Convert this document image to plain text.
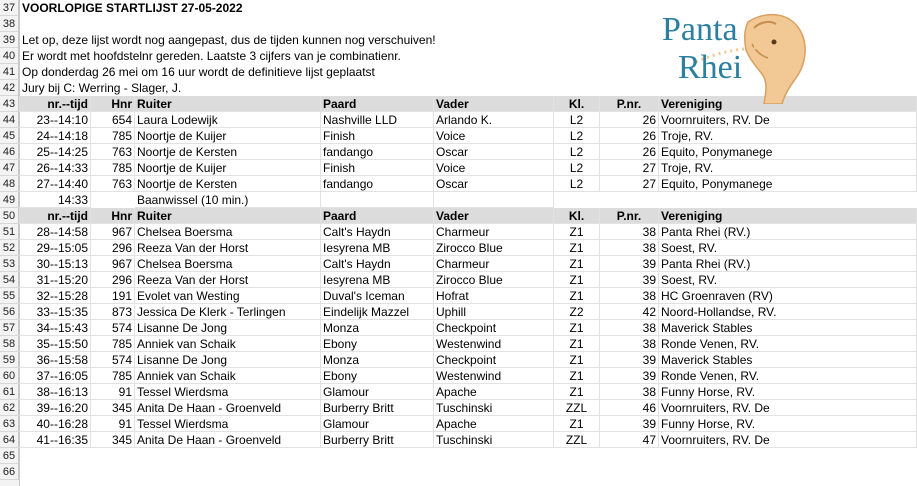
37 VOORLOPIGE STARTLIJST 27-05-2022
38
39 Let op, deze lijst wordt nog aangepast, dus de tijden kunnen nog verschuiven!
40 Er wordt met hoofdstelnr gereden. Laatste 3 cijfers van je combinatienr.
41 Op donderdag 26 mei om 16 uur wordt de definitieve lijst geplaatst
42 Jury bij C: Werring - Slager, J.
43	nr.--tijd	Hnr Ruiter	Paard	Vader	Kl.	P.nr.	Vereniging
44	23--14:10	654 Laura Lodewijk	Nashville LLD	Arlando K.	L2	26 Voornruiters, RV. De
45	24--14:18	785 Noortje de Kuijer	Finish	Voice	L2	26 Troje, RV.
46	25--14:25	763 Noortje de Kersten	fandango	Oscar	L2	26 Equito, Ponymanege
47	26--14:33	785 Noortje de Kuijer	Finish	Voice	L2	27 Troje, RV.
48	27--14:40	763 Noortje de Kersten	fandango	Oscar	L2	27 Equito, Ponymanege
49	14:33	Baanwissel (10 min.)
50	nr.--tijd	Hnr Ruiter	Paard	Vader	Kl.	P.nr.	Vereniging
51	28--14:58	967 Chelsea Boersma	Calt's Haydn	Charmeur	Z1	38 Panta Rhei (RV.)
52	29--15:05	296 Reeza Van der Horst	Iesyrena MB	Zirocco Blue	Z1	38 Soest, RV.
53	30--15:13	967 Chelsea Boersma	Calt's Haydn	Charmeur	Z1	39 Panta Rhei (RV.)
54	31--15:20	296 Reeza Van der Horst	Iesyrena MB	Zirocco Blue	Z1	39 Soest, RV.
55	32--15:28	191 Evolet van Westing	Duval's Iceman	Hofrat	Z1	38 HC Groenraven (RV)
56	33--15:35	873 Jessica De Klerk - Terlingen	Eindelijk Mazzel	Uphill	Z2	42 Noord-Hollandse, RV.
57	34--15:43	574 Lisanne De Jong	Monza	Checkpoint	Z1	38 Maverick Stables
58	35--15:50	785 Anniek van Schaik	Ebony	Westenwind	Z1	38 Ronde Venen, RV.
59	36--15:58	574 Lisanne De Jong	Monza	Checkpoint	Z1	39 Maverick Stables
60	37--16:05	785 Anniek van Schaik	Ebony	Westenwind	Z1	39 Ronde Venen, RV.
61	38--16:13	91 Tessel Wierdsma	Glamour	Apache	Z1	38 Funny Horse, RV.
62	39--16:20	345 Anita De Haan - Groenveld	Burberry Britt	Tuschinski	ZZL	46 Voornruiters, RV. De
63	40--16:28	91 Tessel Wierdsma	Glamour	Apache	Z1	39 Funny Horse, RV.
64	41--16:35	345 Anita De Haan - Groenveld	Burberry Britt	Tuschinski	ZZL	47 Voornruiters, RV. De
65
66
Panta
Rhei
